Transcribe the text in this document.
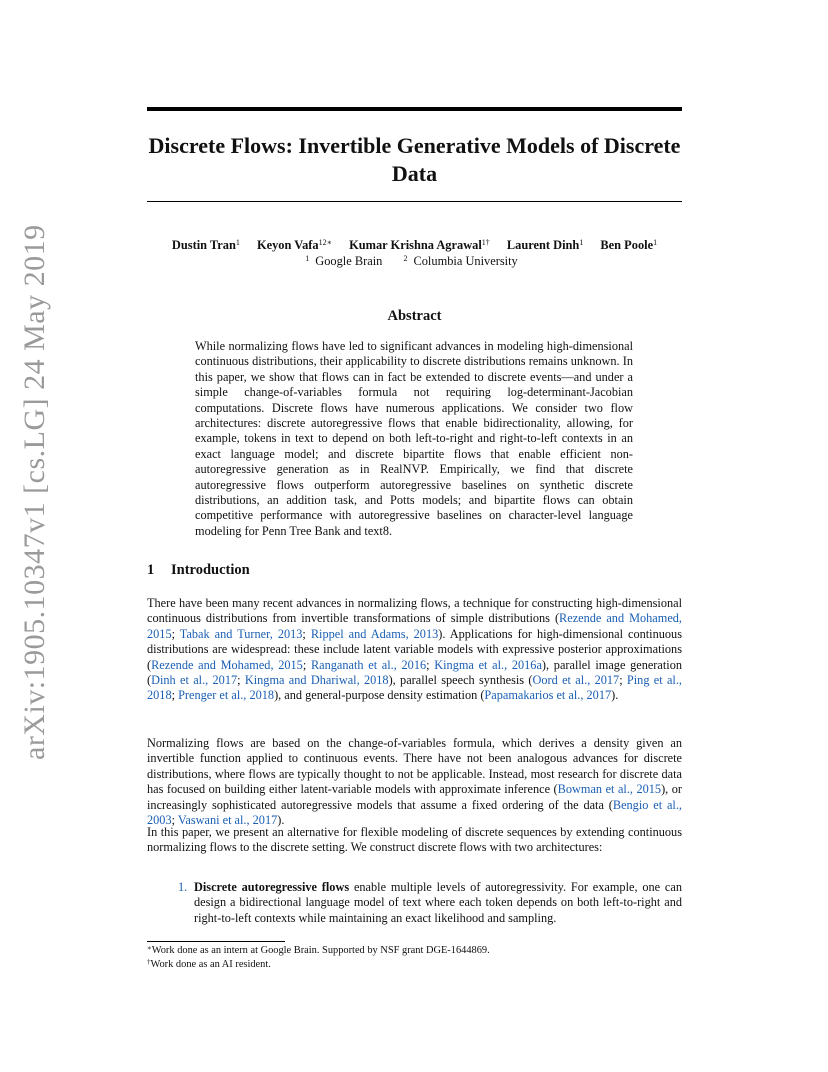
arXiv:1905.10347v1 [cs.LG] 24 May 2019
Discrete Flows: Invertible Generative Models of Discrete Data
Dustin Tran$^1$ Keyon Vafa$^{12∗}$ Kumar Krishna Agrawal$^{1\dagger}$ Laurent Dinh$^1$ Ben Poole$^1$
$^1$ Google Brain	$^2$ Columbia University
Abstract
While normalizing flows have led to significant advances in modeling high-dimensional continuous distributions, their applicability to discrete distributions remains unknown. In this paper, we show that flows can in fact be extended to discrete events—and under a simple change-of-variables formula not requiring log-determinant-Jacobian computations. Discrete flows have numerous applications. We consider two flow architectures: discrete autoregressive flows that enable bidirectionality, allowing, for example, tokens in text to depend on both left-to-right and right-to-left contexts in an exact language model; and discrete bipartite flows that enable efficient non-autoregressive generation as in RealNVP. Empirically, we find that discrete autoregressive flows outperform autoregressive baselines on synthetic discrete distributions, an addition task, and Potts models; and bipartite flows can obtain competitive performance with autoregressive baselines on character-level language modeling for Penn Tree Bank and text8.
1 Introduction
There have been many recent advances in normalizing flows, a technique for constructing high-dimensional continuous distributions from invertible transformations of simple distributions (Rezende and Mohamed, 2015; Tabak and Turner, 2013; Rippel and Adams, 2013). Applications for high-dimensional continuous distributions are widespread: these include latent variable models with expressive posterior approximations (Rezende and Mohamed, 2015; Ranganath et al., 2016; Kingma et al., 2016a), parallel image generation (Dinh et al., 2017; Kingma and Dhariwal, 2018), parallel speech synthesis (Oord et al., 2017; Ping et al., 2018; Prenger et al., 2018), and general-purpose density estimation (Papamakarios et al., 2017).
Normalizing flows are based on the change-of-variables formula, which derives a density given an invertible function applied to continuous events. There have not been analogous advances for discrete distributions, where flows are typically thought to not be applicable. Instead, most research for discrete data has focused on building either latent-variable models with approximate inference (Bowman et al., 2015), or increasingly sophisticated autoregressive models that assume a fixed ordering of the data (Bengio et al., 2003; Vaswani et al., 2017).
In this paper, we present an alternative for flexible modeling of discrete sequences by extending continuous normalizing flows to the discrete setting. We construct discrete flows with two architectures:
1. Discrete autoregressive flows enable multiple levels of autoregressivity. For example, one can design a bidirectional language model of text where each token depends on both left-to-right and right-to-left contexts while maintaining an exact likelihood and sampling.
∗Work done as an intern at Google Brain. Supported by NSF grant DGE-1644869.
†Work done as an AI resident.
